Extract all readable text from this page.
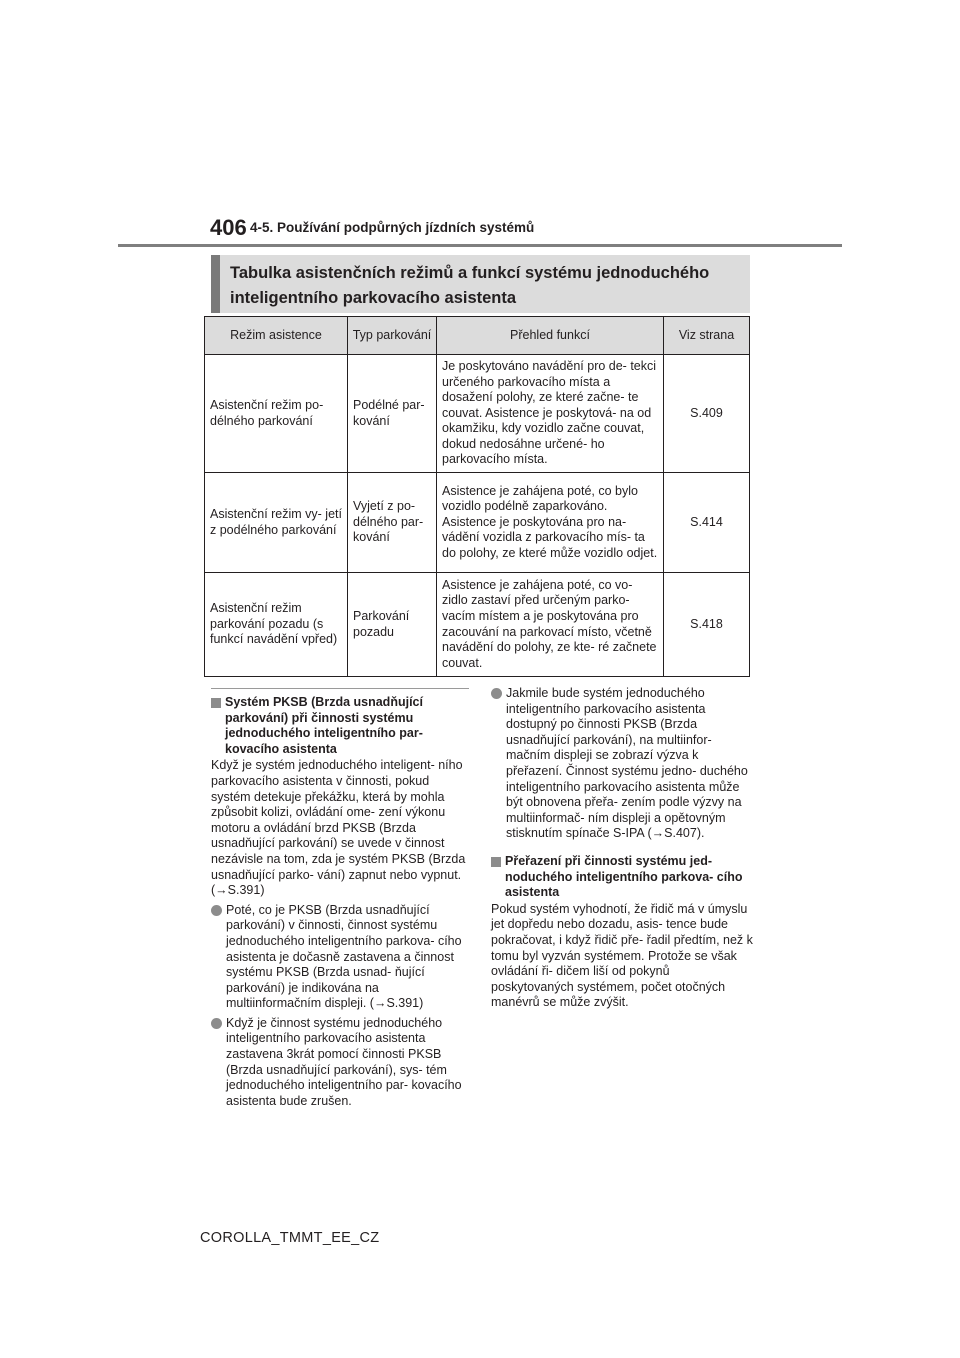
406 4-5. Používání podpůrných jízdních systémů
Tabulka asistenčních režimů a funkcí systému jednoduchého
inteligentního parkovacího asistenta
Režim asistence	Typ parkování	Přehled funkcí	Viz strana
Asistenční režim po- délného parkování	Podélné par- kování	Je poskytováno navádění pro de- tekci určeného parkovacího místa a dosažení polohy, ze které začne- te couvat. Asistence je poskytová- na od okamžiku, kdy vozidlo začne couvat, dokud nedosáhne určené- ho parkovacího místa.	S.409
Asistenční režim vy- jetí z podélného parkování	Vyjetí z po- délného par- kování	Asistence je zahájena poté, co bylo vozidlo podélně zaparkováno. Asistence je poskytována pro na- vádění vozidla z parkovacího mís- ta do polohy, ze které může vozidlo odjet.	S.414
Asistenční režim parkování pozadu (s funkcí navádění vpřed)	Parkování pozadu	Asistence je zahájena poté, co vo- zidlo zastaví před určeným parko- vacím místem a je poskytována pro zacouvání na parkovací místo, včetně navádění do polohy, ze kte- ré začnete couvat.	S.418
Systém PKSB (Brzda usnadňující parkování) při činnosti systému jednoduchého inteligentního par- kovacího asistenta
Když je systém jednoduchého inteligent- ního parkovacího asistenta v činnosti, pokud systém detekuje překážku, která by mohla způsobit kolizi, ovládání ome- zení výkonu motoru a ovládání brzd PKSB (Brzda usnadňující parkování) se uvede v činnost nezávisle na tom, zda je systém PKSB (Brzda usnadňující parko- vání) zapnut nebo vypnut. (→S.391)
Poté, co je PKSB (Brzda usnadňující parkování) v činnosti, činnost systému jednoduchého inteligentního parkova- cího asistenta je dočasně zastavena a činnost systému PKSB (Brzda usnad- ňující parkování) je indikována na multiinformačním displeji. (→S.391)
Když je činnost systému jednoduchého inteligentního parkovacího asistenta zastavena 3krát pomocí činnosti PKSB (Brzda usnadňující parkování), sys- tém jednoduchého inteligentního par- kovacího asistenta bude zrušen.
Jakmile bude systém jednoduchého inteligentního parkovacího asistenta dostupný po činnosti PKSB (Brzda usnadňující parkování), na multiinfor- mačním displeji se zobrazí výzva k přeřazení. Činnost systému jedno- duchého inteligentního parkovacího asistenta může být obnovena přeřa- zením podle výzvy na multiinformač- ním displeji a opětovným stisknutím spínače S-IPA (→S.407).
Přeřazení při činnosti systému jed- noduchého inteligentního parkova- cího asistenta
Pokud systém vyhodnotí, že řidič má v úmyslu jet dopředu nebo dozadu, asis- tence bude pokračovat, i když řidič pře- řadil předtím, než k tomu byl vyzván systémem. Protože se však ovládání ři- dičem liší od pokynů poskytovaných systémem, počet otočných manévrů se může zvýšit.
COROLLA_TMMT_EE_CZ
